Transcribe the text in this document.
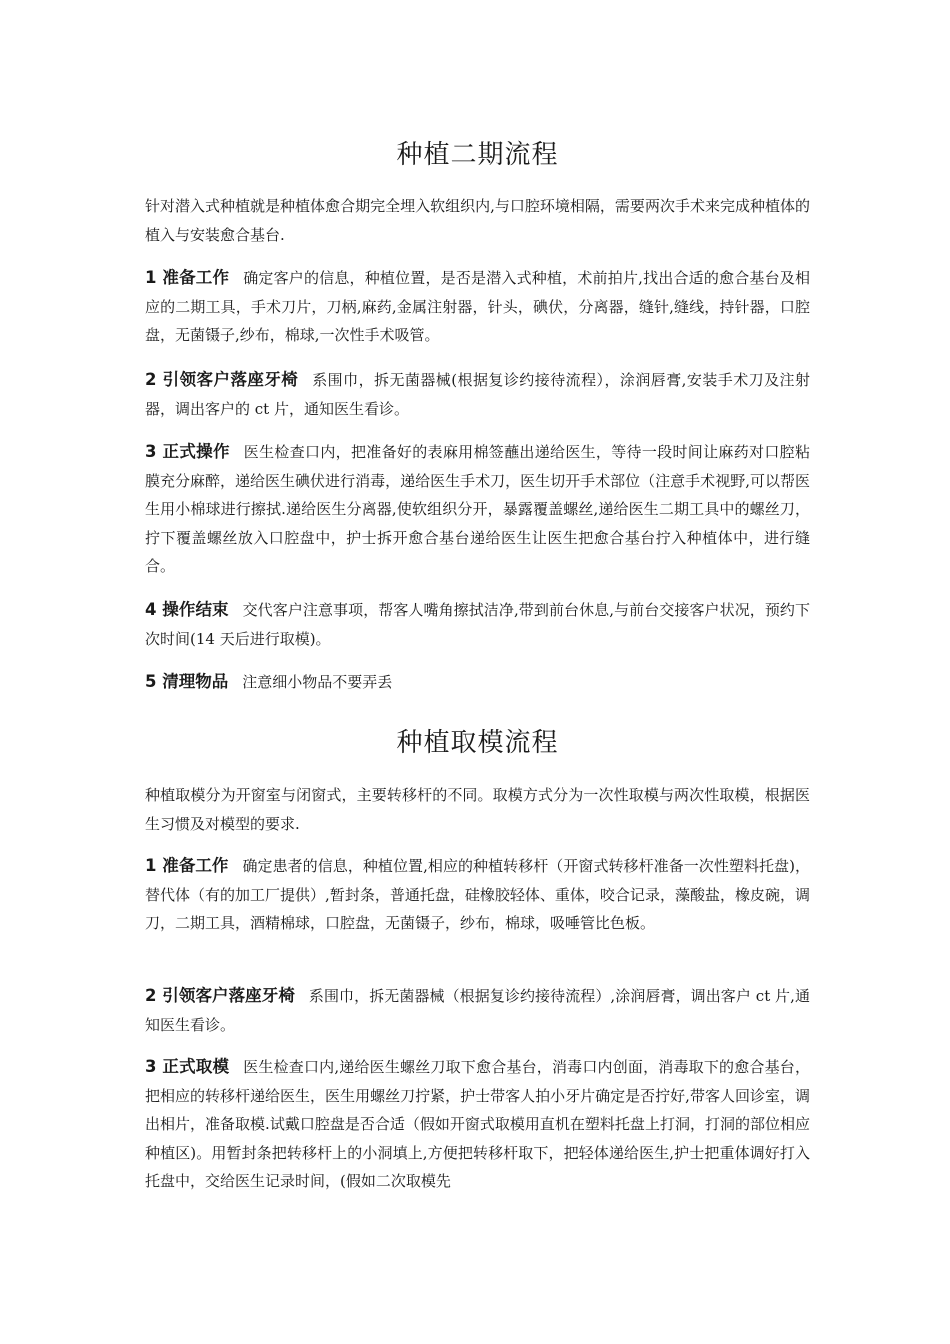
种植二期流程

针对潜入式种植就是种植体愈合期完全埋入软组织内,与口腔环境相隔，需要两次手术来完成种植体的植入与安装愈合基台.

1 准备工作 确定客户的信息，种植位置，是否是潜入式种植，术前拍片,找出合适的愈合基台及相应的二期工具，手术刀片，刀柄,麻药,金属注射器，针头，碘伏，分离器，缝针,缝线，持针器，口腔盘，无菌镊子,纱布，棉球,一次性手术吸管。

2 引领客户落座牙椅 系围巾，拆无菌器械(根据复诊约接待流程），涂润唇膏,安装手术刀及注射器，调出客户的 ct 片，通知医生看诊。

3 正式操作 医生检查口内，把准备好的表麻用棉签蘸出递给医生，等待一段时间让麻药对口腔粘膜充分麻醉，递给医生碘伏进行消毒，递给医生手术刀，医生切开手术部位（注意手术视野,可以帮医生用小棉球进行擦拭.递给医生分离器,使软组织分开，暴露覆盖螺丝,递给医生二期工具中的螺丝刀，拧下覆盖螺丝放入口腔盘中，护士拆开愈合基台递给医生让医生把愈合基台拧入种植体中，进行缝合。

4 操作结束 交代客户注意事项，帮客人嘴角擦拭洁净,带到前台休息,与前台交接客户状况，预约下次时间(14 天后进行取模)。

5 清理物品 注意细小物品不要弄丢

种植取模流程

种植取模分为开窗室与闭窗式，主要转移杆的不同。取模方式分为一次性取模与两次性取模，根据医生习惯及对模型的要求.

1 准备工作 确定患者的信息，种植位置,相应的种植转移杆（开窗式转移杆准备一次性塑料托盘)，替代体（有的加工厂提供）,暂封条，普通托盘，硅橡胶轻体、重体，咬合记录，藻酸盐，橡皮碗，调刀，二期工具，酒精棉球，口腔盘，无菌镊子，纱布，棉球，吸唾管比色板。

2 引领客户落座牙椅 系围巾，拆无菌器械（根据复诊约接待流程）,涂润唇膏，调出客户 ct 片,通知医生看诊。

3 正式取模 医生检查口内,递给医生螺丝刀取下愈合基台，消毒口内创面，消毒取下的愈合基台，把相应的转移杆递给医生，医生用螺丝刀拧紧，护士带客人拍小牙片确定是否拧好,带客人回诊室，调出相片，准备取模.试戴口腔盘是否合适（假如开窗式取模用直机在塑料托盘上打洞，打洞的部位相应种植区)。用暂封条把转移杆上的小洞填上,方便把转移杆取下，把轻体递给医生,护士把重体调好打入托盘中，交给医生记录时间，(假如二次取模先
